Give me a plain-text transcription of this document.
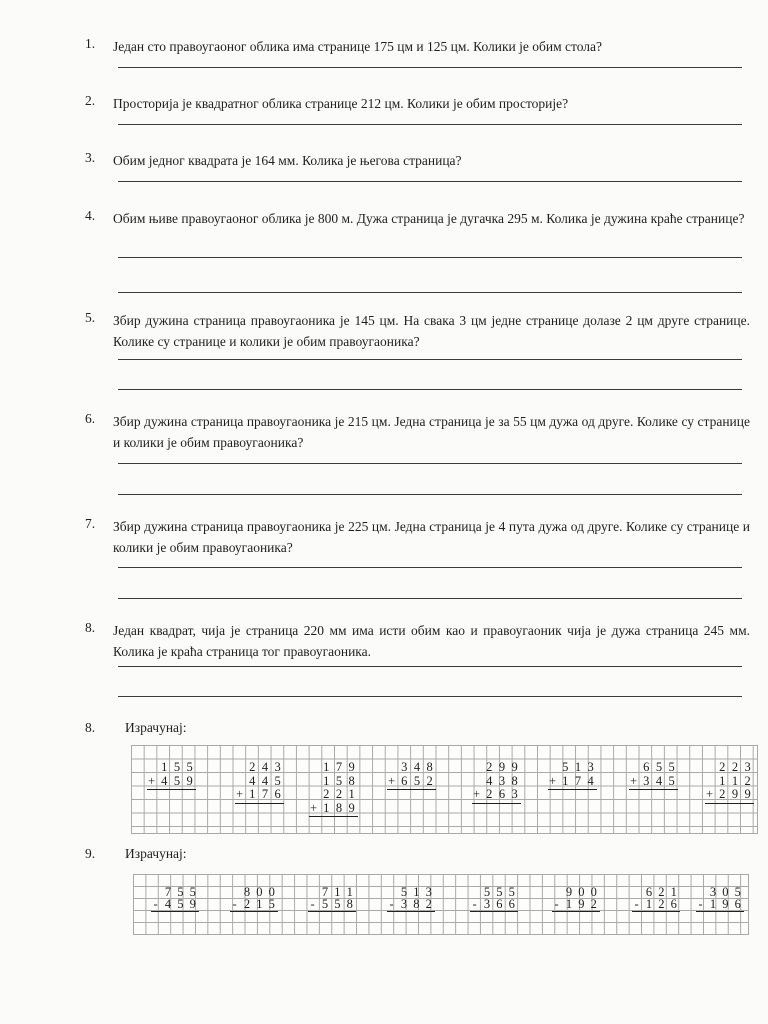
1. Један сто правоугаоног облика има странице 175 цм и 125 цм. Колики је обим стола?
2. Просторија је квадратног облика странице 212 цм. Колики је обим просторије?
3. Обим једног квадрата је 164 мм. Колика је његова страница?
4. Обим њиве правоугаоног облика је 800 м. Дужа страница је дугачка 295 м. Колика је дужина краће странице?
5. Збир дужина страница правоугаоника је 145 цм. На свака 3 цм једне странице долазе 2 цм друге странице. Колике су странице и колики је обим правоугаоника?
6. Збир дужина страница правоугаоника је 215 цм. Једна страница је за 55 цм дужа од друге. Колике су странице и колики је обим правоугаоника?
7. Збир дужина страница правоугаоника је 225 цм. Једна страница је 4 пута дужа од друге. Колике су странице и колики је обим правоугаоника?
8. Један квадрат, чија је страница 220 мм има исти обим као и правоугаоник чија је дужа страница 245 мм. Колика је краћа страница тог правоугаоника.
8. Израчунај:
1 5 5
+ 4 5 9
2 4 3
4 4 5
+ 1 7 6
1 7 9
1 5 8
2 2 1
+ 1 8 9
3 4 8
+ 6 5 2
2 9 9
4 3 8
+ 2 6 3
5 1 3
+ 1 7 4
6 5 5
+ 3 4 5
2 2 3
1 1 2
+ 2 9 9
9. Израчунај:
7 5 5
- 4 5 9
8 0 0
- 2 1 5
7 1 1
- 5 5 8
5 1 3
- 3 8 2
5 5 5
- 3 6 6
9 0 0
- 1 9 2
6 2 1
- 1 2 6
3 0 5
- 1 9 6
